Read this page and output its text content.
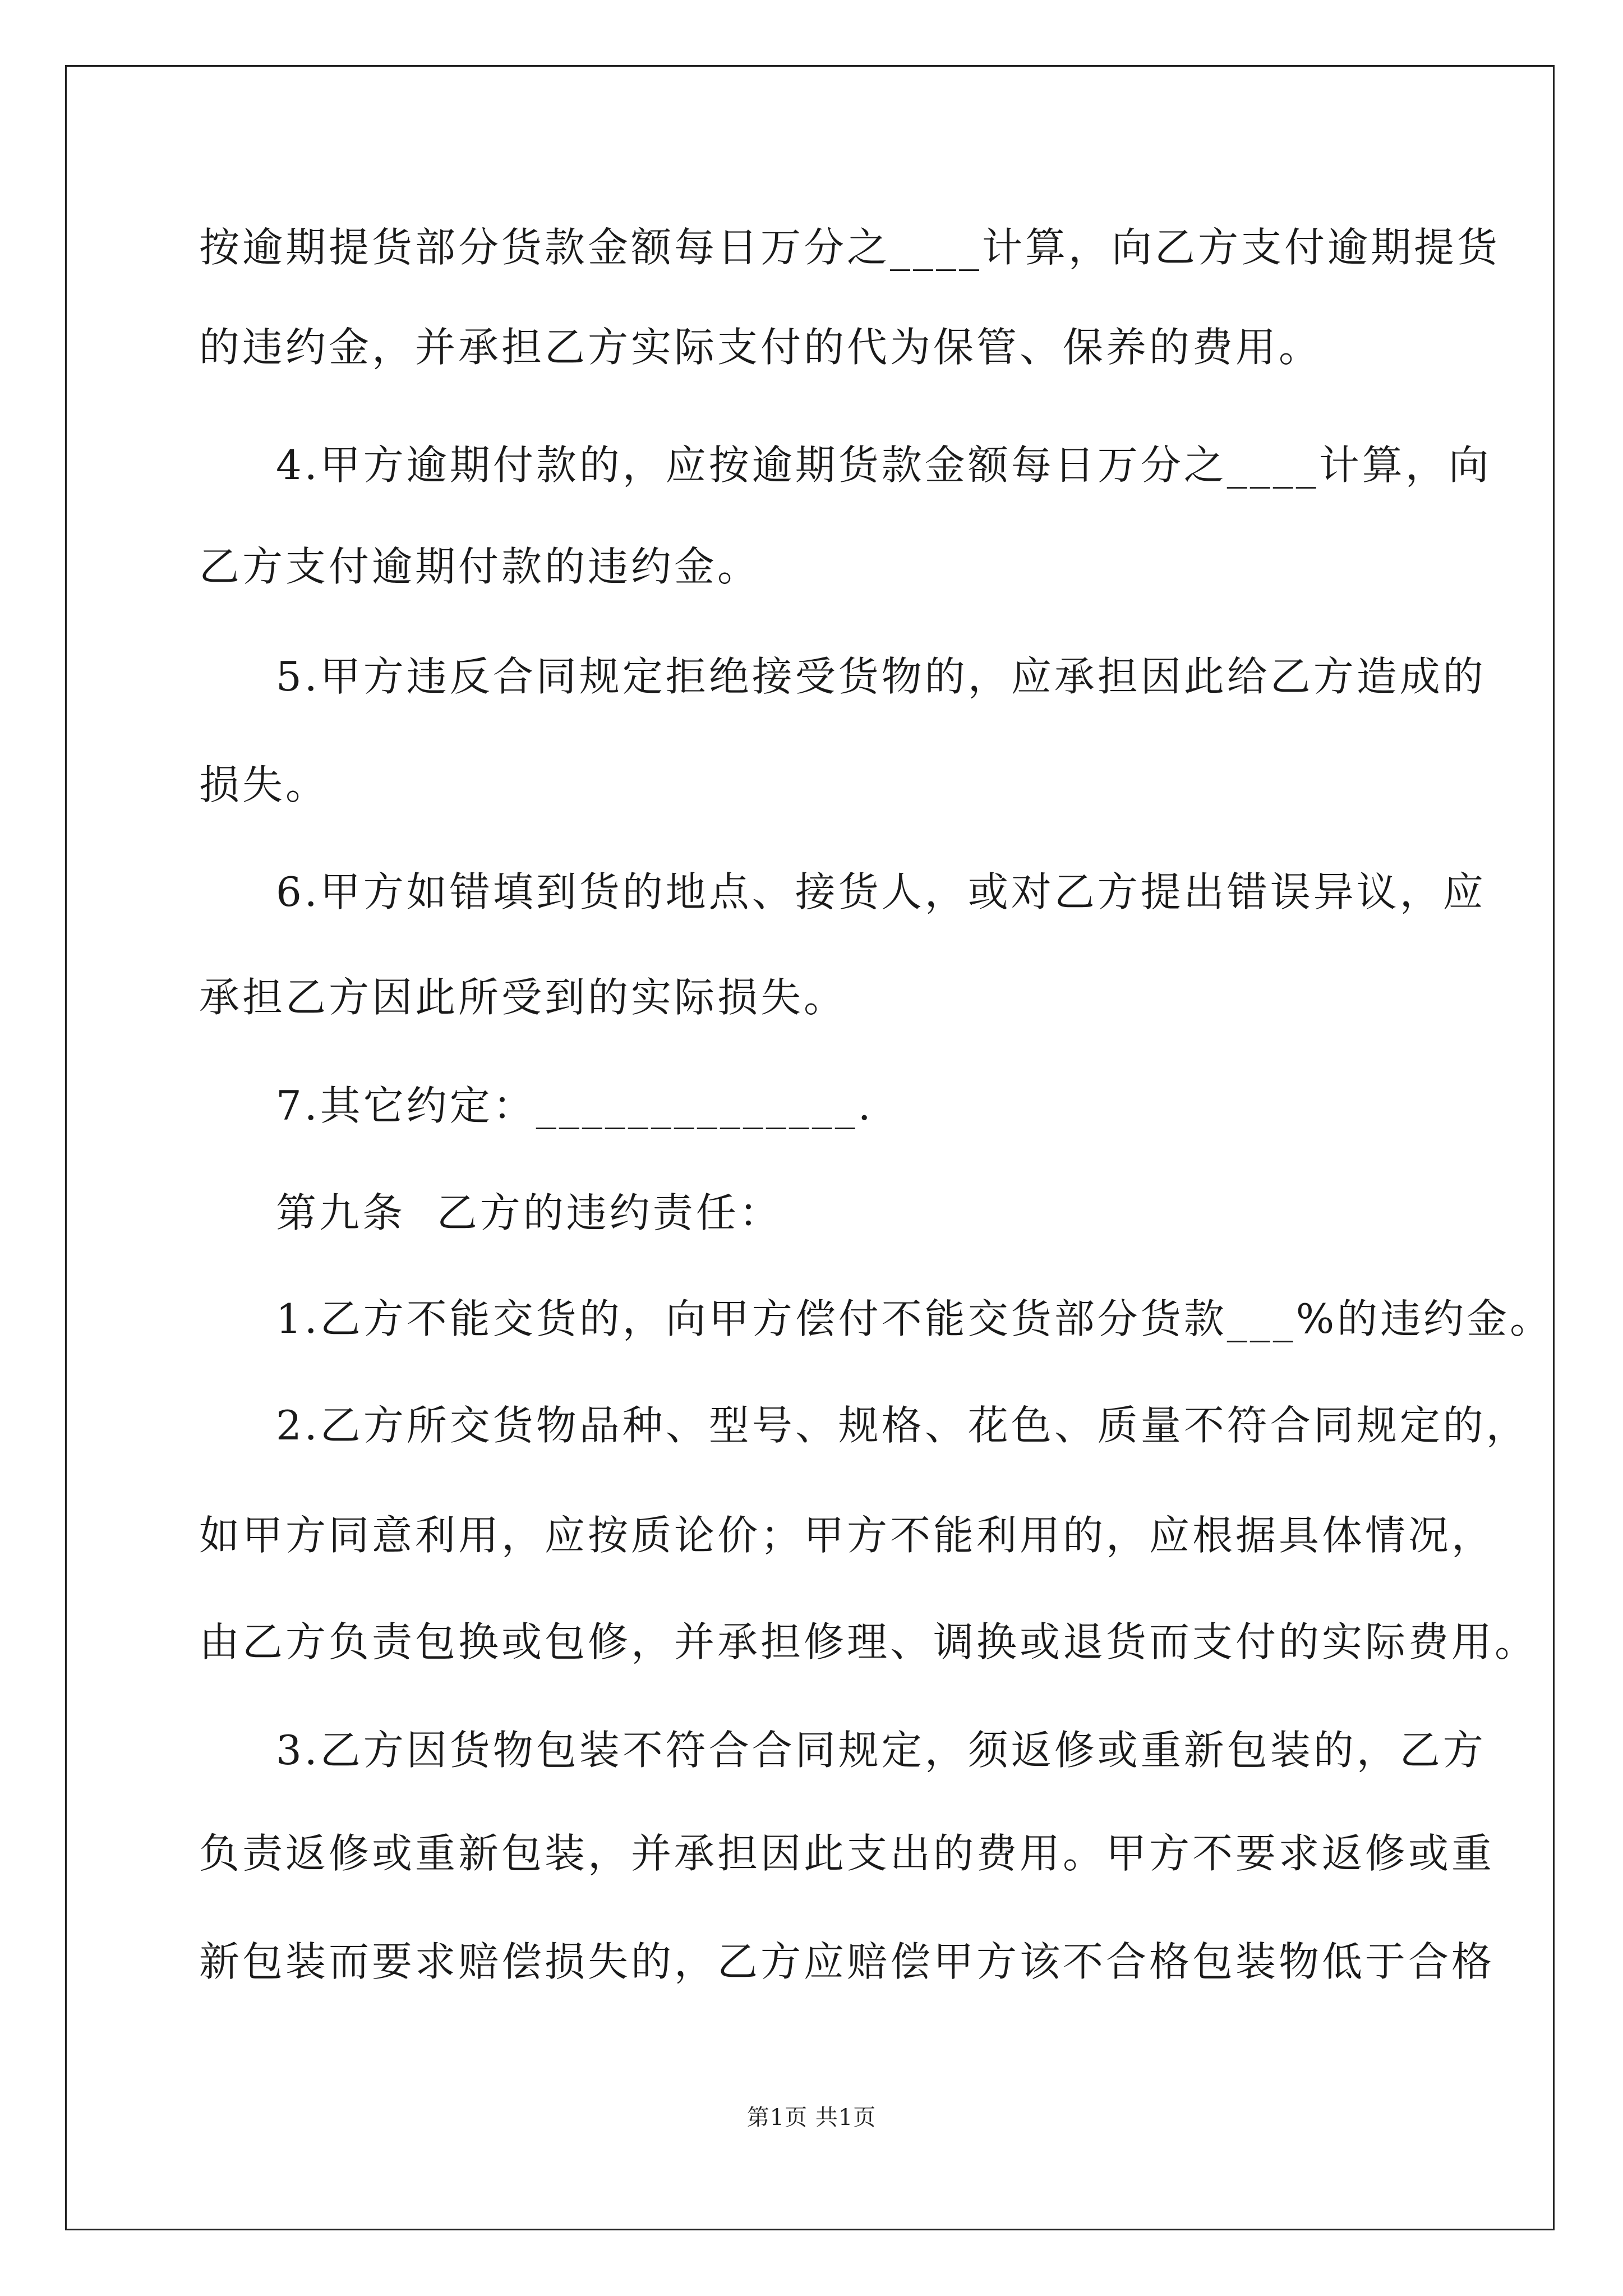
按逾期提货部分货款金额每日万分之____计算，向乙方支付逾期提货
的违约金，并承担乙方实际支付的代为保管、保养的费用。
4.甲方逾期付款的，应按逾期货款金额每日万分之____计算，向
乙方支付逾期付款的违约金。
5.甲方违反合同规定拒绝接受货物的，应承担因此给乙方造成的
损失。
6.甲方如错填到货的地点、接货人，或对乙方提出错误异议，应
承担乙方因此所受到的实际损失。
7.其它约定：______________.
第九条  乙方的违约责任：
1.乙方不能交货的，向甲方偿付不能交货部分货款___%的违约金。
2.乙方所交货物品种、型号、规格、花色、质量不符合同规定的，
如甲方同意利用，应按质论价；甲方不能利用的，应根据具体情况，
由乙方负责包换或包修，并承担修理、调换或退货而支付的实际费用。
3.乙方因货物包装不符合合同规定，须返修或重新包装的，乙方
负责返修或重新包装，并承担因此支出的费用。甲方不要求返修或重
新包装而要求赔偿损失的，乙方应赔偿甲方该不合格包装物低于合格
第1页 共1页
